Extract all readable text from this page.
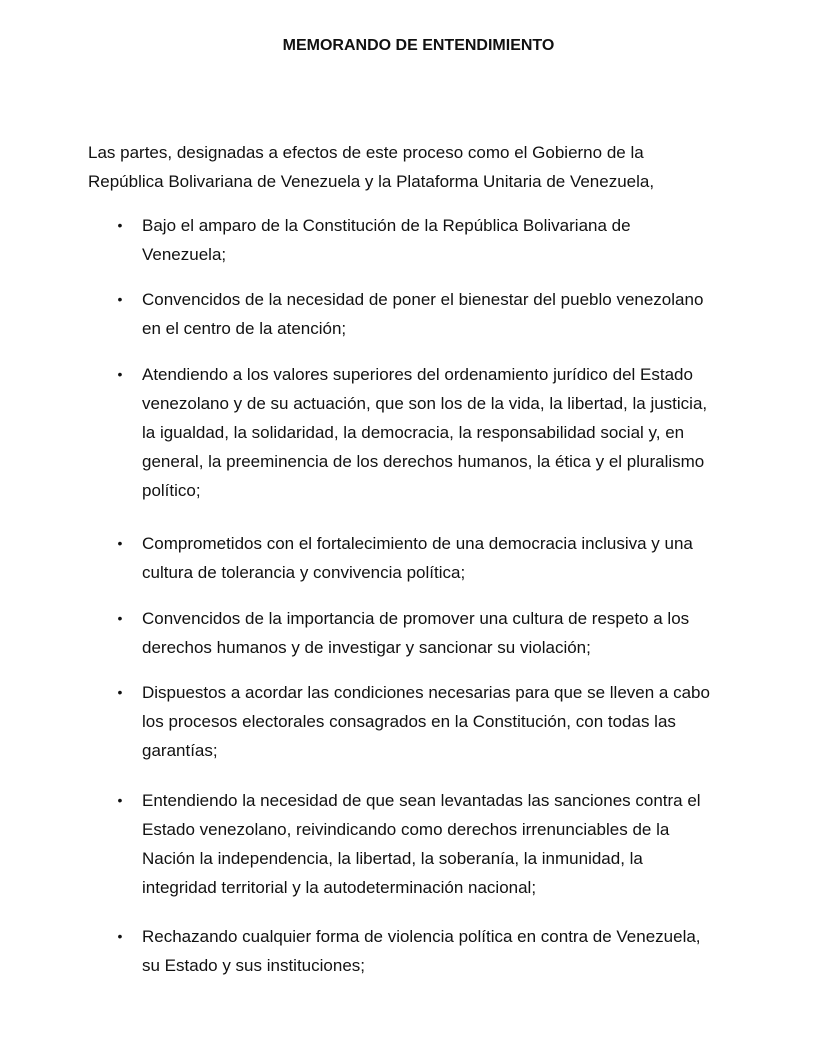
MEMORANDO DE ENTENDIMIENTO
Las partes, designadas a efectos de este proceso como el Gobierno de la
República Bolivariana de Venezuela y la Plataforma Unitaria de Venezuela,
• Bajo el amparo de la Constitución de la República Bolivariana de
Venezuela;
• Convencidos de la necesidad de poner el bienestar del pueblo venezolano
en el centro de la atención;
• Atendiendo a los valores superiores del ordenamiento jurídico del Estado
venezolano y de su actuación, que son los de la vida, la libertad, la justicia,
la igualdad, la solidaridad, la democracia, la responsabilidad social y, en
general, la preeminencia de los derechos humanos, la ética y el pluralismo
político;
• Comprometidos con el fortalecimiento de una democracia inclusiva y una
cultura de tolerancia y convivencia política;
• Convencidos de la importancia de promover una cultura de respeto a los
derechos humanos y de investigar y sancionar su violación;
• Dispuestos a acordar las condiciones necesarias para que se lleven a cabo
los procesos electorales consagrados en la Constitución, con todas las
garantías;
• Entendiendo la necesidad de que sean levantadas las sanciones contra el
Estado venezolano, reivindicando como derechos irrenunciables de la
Nación la independencia, la libertad, la soberanía, la inmunidad, la
integridad territorial y la autodeterminación nacional;
• Rechazando cualquier forma de violencia política en contra de Venezuela,
su Estado y sus instituciones;
